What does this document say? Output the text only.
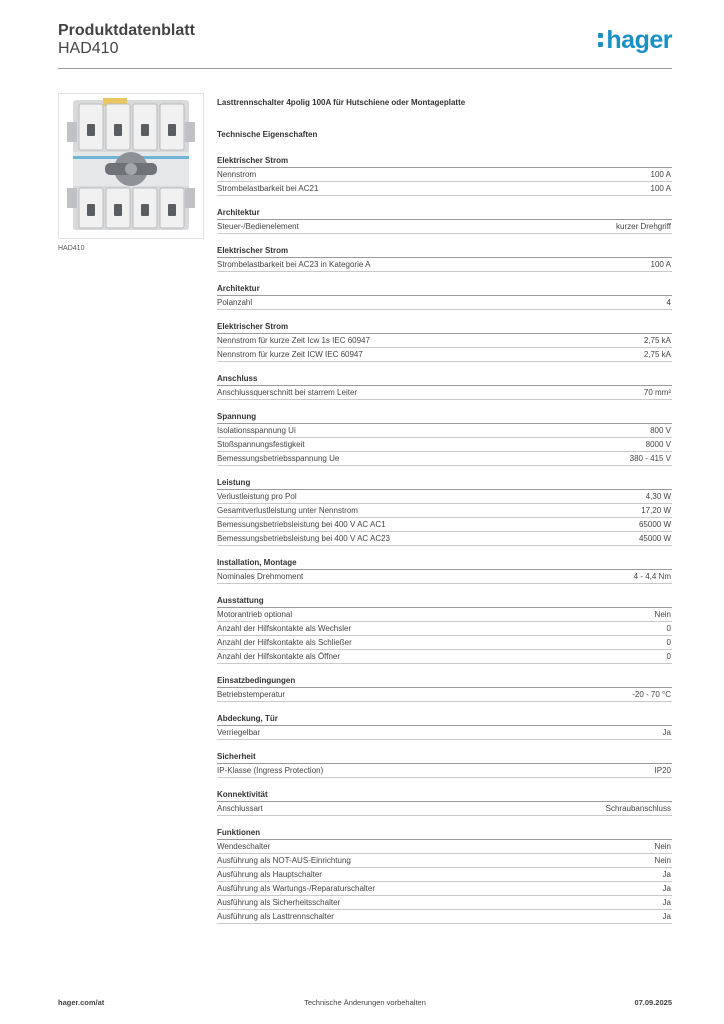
Produktdatenblatt
HAD410	hager
HAD410
Lasttrennschalter 4polig 100A für Hutschiene oder Montageplatte
Technische Eigenschaften
Elektrischer Strom
Nennstrom	100 A
Strombelastbarkeit bei AC21	100 A
Architektur
Steuer-/Bedienelement	kurzer Drehgriff
Elektrischer Strom
Strombelastbarkeit bei AC23 in Kategorie A	100 A
Architektur
Polanzahl	4
Elektrischer Strom
Nennstrom für kurze Zeit Icw 1s IEC 60947	2,75 kA
Nennstrom für kurze Zeit ICW IEC 60947	2,75 kA
Anschluss
Anschlussquerschnitt bei starrem Leiter	70 mm²
Spannung
Isolationsspannung Ui	800 V
Stoßspannungsfestigkeit	8000 V
Bemessungsbetriebsspannung Ue	380 - 415 V
Leistung
Verlustleistung pro Pol	4,30 W
Gesamtverlustleistung unter Nennstrom	17,20 W
Bemessungsbetriebsleistung bei 400 V AC AC1	65000 W
Bemessungsbetriebsleistung bei 400 V AC AC23	45000 W
Installation, Montage
Nominales Drehmoment	4 - 4,4 Nm
Ausstattung
Motorantrieb optional	Nein
Anzahl der Hilfskontakte als Wechsler	0
Anzahl der Hilfskontakte als Schließer	0
Anzahl der Hilfskontakte als Öffner	0
Einsatzbedingungen
Betriebstemperatur	-20 - 70 °C
Abdeckung, Tür
Verriegelbar	Ja
Sicherheit
IP-Klasse (Ingress Protection)	IP20
Konnektivität
Anschlussart	Schraubanschluss
Funktionen
Wendeschalter	Nein
Ausführung als NOT-AUS-Einrichtung	Nein
Ausführung als Hauptschalter	Ja
Ausführung als Wartungs-/Reparaturschalter	Ja
Ausführung als Sicherheitsschalter	Ja
Ausführung als Lasttrennschalter	Ja
hager.com/at	Technische Änderungen vorbehalten	07.09.2025
